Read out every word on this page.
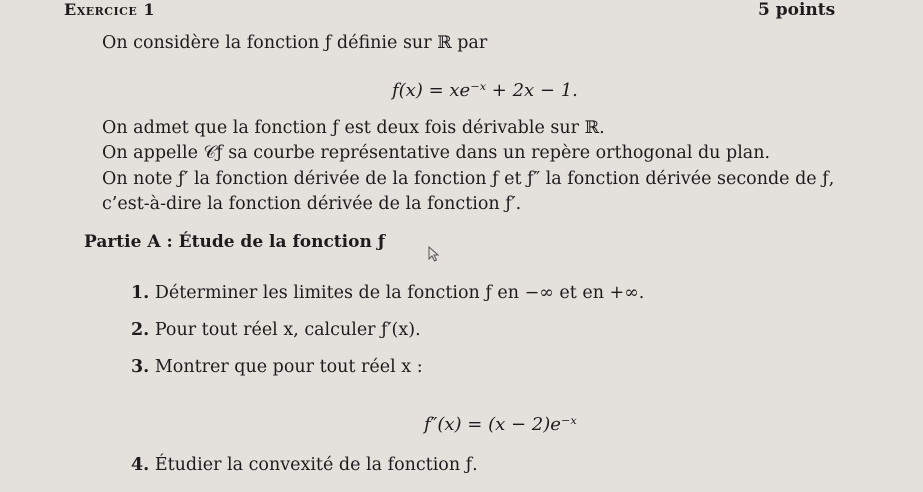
Exercice 1	5 points
On considère la fonction ƒ définie sur ℝ par
f(x) = xe⁻ˣ + 2x − 1.
On admet que la fonction ƒ est deux fois dérivable sur ℝ.
On appelle 𝒞ƒ sa courbe représentative dans un repère orthogonal du plan.
On note ƒ′ la fonction dérivée de la fonction ƒ et ƒ″ la fonction dérivée seconde de ƒ,
c’est-à-dire la fonction dérivée de la fonction ƒ′.
Partie A : Étude de la fonction ƒ
1. Déterminer les limites de la fonction ƒ en −∞ et en +∞.
2. Pour tout réel x, calculer ƒ′(x).
3. Montrer que pour tout réel x :
f″(x) = (x − 2)e⁻ˣ
4. Étudier la convexité de la fonction ƒ.
